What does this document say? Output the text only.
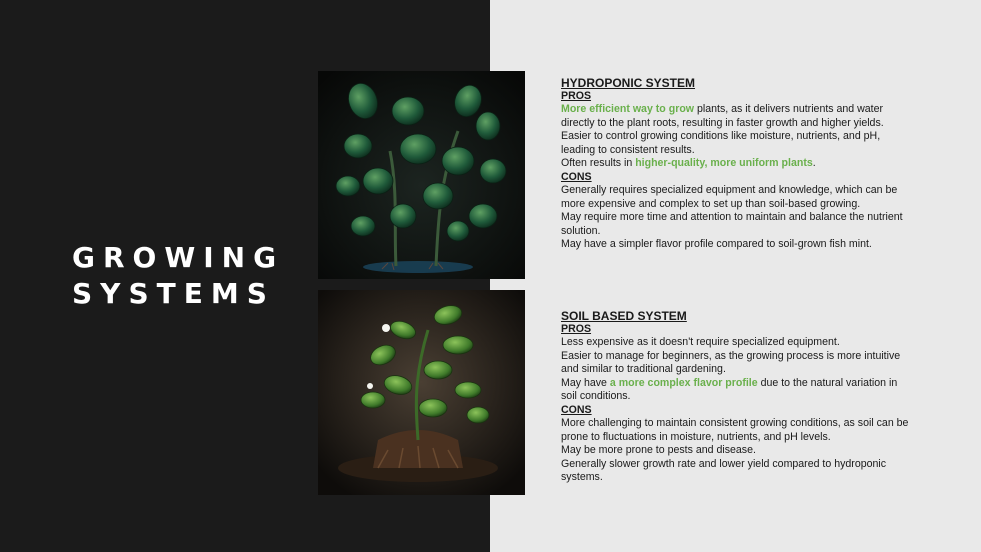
GROWING
SYSTEMS
HYDROPONIC SYSTEM
PROS

More efficient way to grow plants, as it delivers nutrients and water directly to the plant roots, resulting in faster growth and higher yields.

Easier to control growing conditions like moisture, nutrients, and pH, leading to consistent results.

Often results in higher-quality, more uniform plants.

CONS

Generally requires specialized equipment and knowledge, which can be more expensive and complex to set up than soil-based growing.

May require more time and attention to maintain and balance the nutrient solution.

May have a simpler flavor profile compared to soil-grown fish mint.

SOIL BASED SYSTEM
PROS

Less expensive as it doesn't require specialized equipment.

Easier to manage for beginners, as the growing process is more intuitive and similar to traditional gardening.

May have a more complex flavor profile due to the natural variation in soil conditions.

CONS

More challenging to maintain consistent growing conditions, as soil can be prone to fluctuations in moisture, nutrients, and pH levels.

May be more prone to pests and disease.

Generally slower growth rate and lower yield compared to hydroponic systems.
